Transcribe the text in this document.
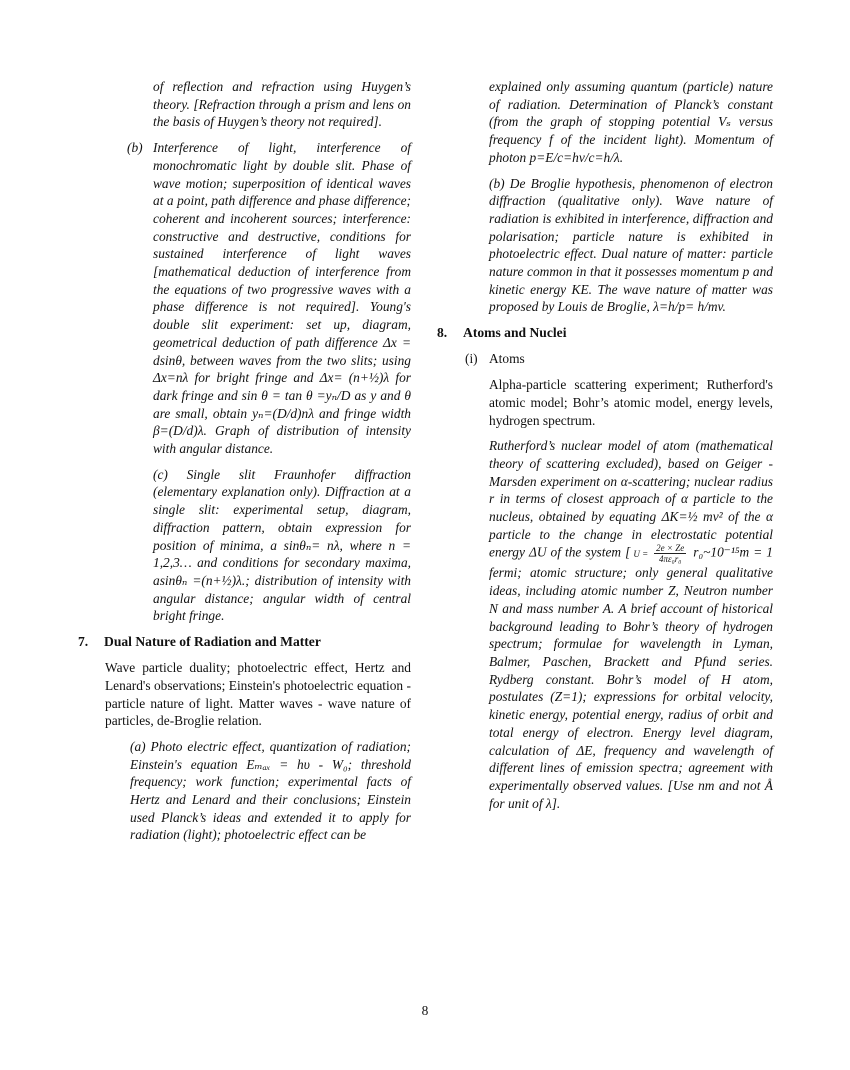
of reflection and refraction using Huygen’s theory. [Refraction through a prism and lens on the basis of Huygen’s theory not required].

(b) Interference of light, interference of monochromatic light by double slit. Phase of wave motion; superposition of identical waves at a point, path difference and phase difference; coherent and incoherent sources; interference: constructive and destructive, conditions for sustained interference of light waves [mathematical deduction of interference from the equations of two progressive waves with a phase difference is not required]. Young's double slit experiment: set up, diagram, geometrical deduction of path difference Δx = dsinθ, between waves from the two slits; using Δx=nλ for bright fringe and Δx= (n+½)λ for dark fringe and sin θ = tan θ =yₙ/D as y and θ are small, obtain yₙ=(D/d)nλ and fringe width β=(D/d)λ. Graph of distribution of intensity with angular distance.

(c) Single slit Fraunhofer diffraction (elementary explanation only). Diffraction at a single slit: experimental setup, diagram, diffraction pattern, obtain expression for position of minima, a sinθₙ= nλ, where n = 1,2,3… and conditions for secondary maxima, asinθₙ =(n+½)λ.; distribution of intensity with angular distance; angular width of central bright fringe.

7. Dual Nature of Radiation and Matter

Wave particle duality; photoelectric effect, Hertz and Lenard's observations; Einstein's photoelectric equation - particle nature of light. Matter waves - wave nature of particles, de-Broglie relation.

(a) Photo electric effect, quantization of radiation; Einstein's equation Eₘₐₓ = hυ - W₀; threshold frequency; work function; experimental facts of Hertz and Lenard and their conclusions; Einstein used Planck’s ideas and extended it to apply for radiation (light); photoelectric effect can be

explained only assuming quantum (particle) nature of radiation. Determination of Planck’s constant (from the graph of stopping potential Vₛ versus frequency f of the incident light). Momentum of photon p=E/c=hν/c=h/λ.

(b) De Broglie hypothesis, phenomenon of electron diffraction (qualitative only). Wave nature of radiation is exhibited in interference, diffraction and polarisation; particle nature is exhibited in photoelectric effect. Dual nature of matter: particle nature common in that it possesses momentum p and kinetic energy KE. The wave nature of matter was proposed by Louis de Broglie, λ=h/p= h/mv.
8. Atoms and Nuclei
(i) Atoms

Alpha-particle scattering experiment; Rutherford's atomic model; Bohr’s atomic model, energy levels, hydrogen spectrum.

Rutherford’s nuclear model of atom (mathematical theory of scattering excluded), based on Geiger - Marsden experiment on α-scattering; nuclear radius r in terms of closest approach of α particle to the nucleus, obtained by equating ΔK=½ mv² of the α particle to the change in electrostatic potential energy ΔU of the system [ $U = \frac{2e \times Ze}{\text{4πε₀r₀}}$ r₀~10⁻¹⁵m = 1 fermi; atomic structure; only general qualitative ideas, including atomic number Z, Neutron number N and mass number A. A brief account of historical background leading to Bohr’s theory of hydrogen spectrum; formulae for wavelength in Lyman, Balmer, Paschen, Brackett and Pfund series. Rydberg constant. Bohr’s model of H atom, postulates (Z=1); expressions for orbital velocity, kinetic energy, potential energy, radius of orbit and total energy of electron. Energy level diagram, calculation of ΔE, frequency and wavelength of different lines of emission spectra; agreement with experimentally observed values. [Use nm and not Å for unit of λ].

8
